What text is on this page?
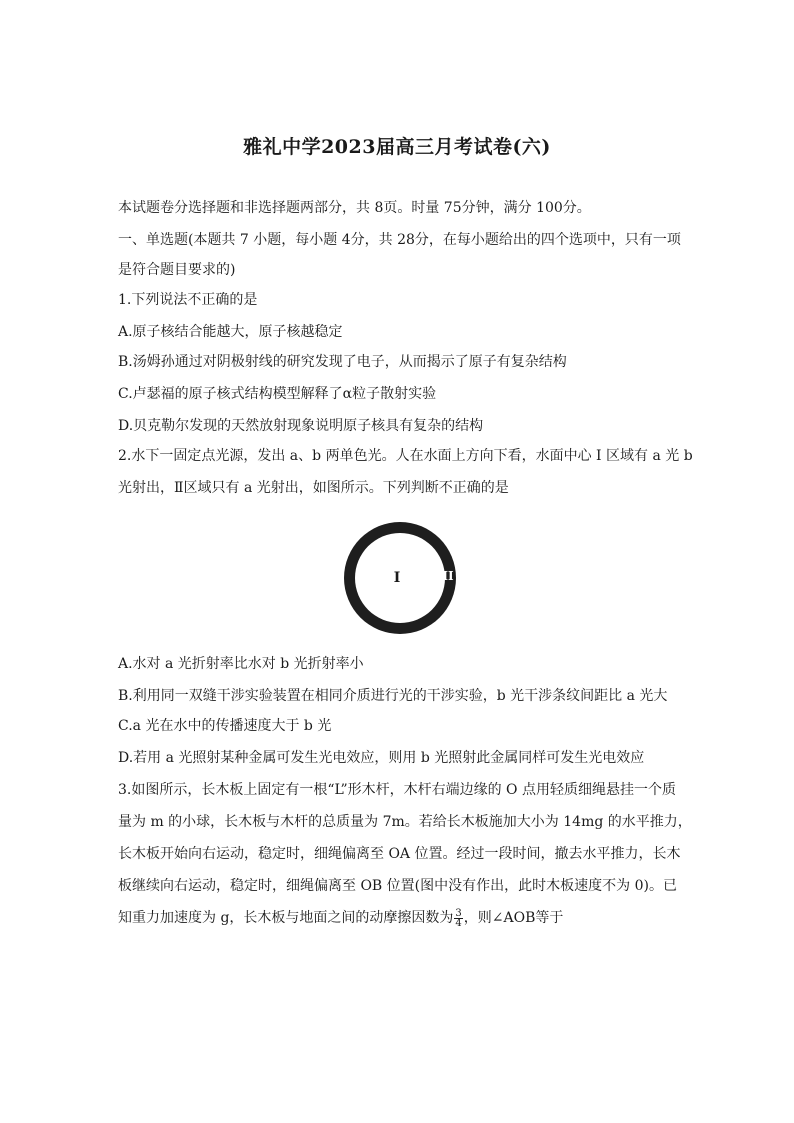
雅礼中学2023届高三月考试卷(六)
本试题卷分选择题和非选择题两部分，共 8页。时量 75分钟，满分 100分。
一、单选题(本题共 7 小题，每小题 4分，共 28分，在每小题给出的四个选项中，只有一项
是符合题目要求的)
1.下列说法不正确的是
A.原子核结合能越大，原子核越稳定
B.汤姆孙通过对阴极射线的研究发现了电子，从而揭示了原子有复杂结构
C.卢瑟福的原子核式结构模型解释了α粒子散射实验
D.贝克勒尔发现的天然放射现象说明原子核具有复杂的结构
2.水下一固定点光源，发出 a、b 两单色光。人在水面上方向下看，水面中心 I 区域有 a 光 b
光射出，Ⅱ区域只有 a 光射出，如图所示。下列判断不正确的是
I	II
A.水对 a 光折射率比水对 b 光折射率小
B.利用同一双缝干涉实验装置在相同介质进行光的干涉实验，b 光干涉条纹间距比 a 光大
C.a 光在水中的传播速度大于 b 光
D.若用 a 光照射某种金属可发生光电效应，则用 b 光照射此金属同样可发生光电效应
3.如图所示，长木板上固定有一根“L”形木杆，木杆右端边缘的 O 点用轻质细绳悬挂一个质
量为 m 的小球，长木板与木杆的总质量为 7m。若给长木板施加大小为 14mg 的水平推力，
长木板开始向右运动，稳定时，细绳偏离至 OA 位置。经过一段时间，撤去水平推力，长木
板继续向右运动，稳定时，细绳偏离至 OB 位置(图中没有作出，此时木板速度不为 0)。已
知重力加速度为 g，长木板与地面之间的动摩擦因数为 $\frac{3}{4}$ ，则∠AOB等于
